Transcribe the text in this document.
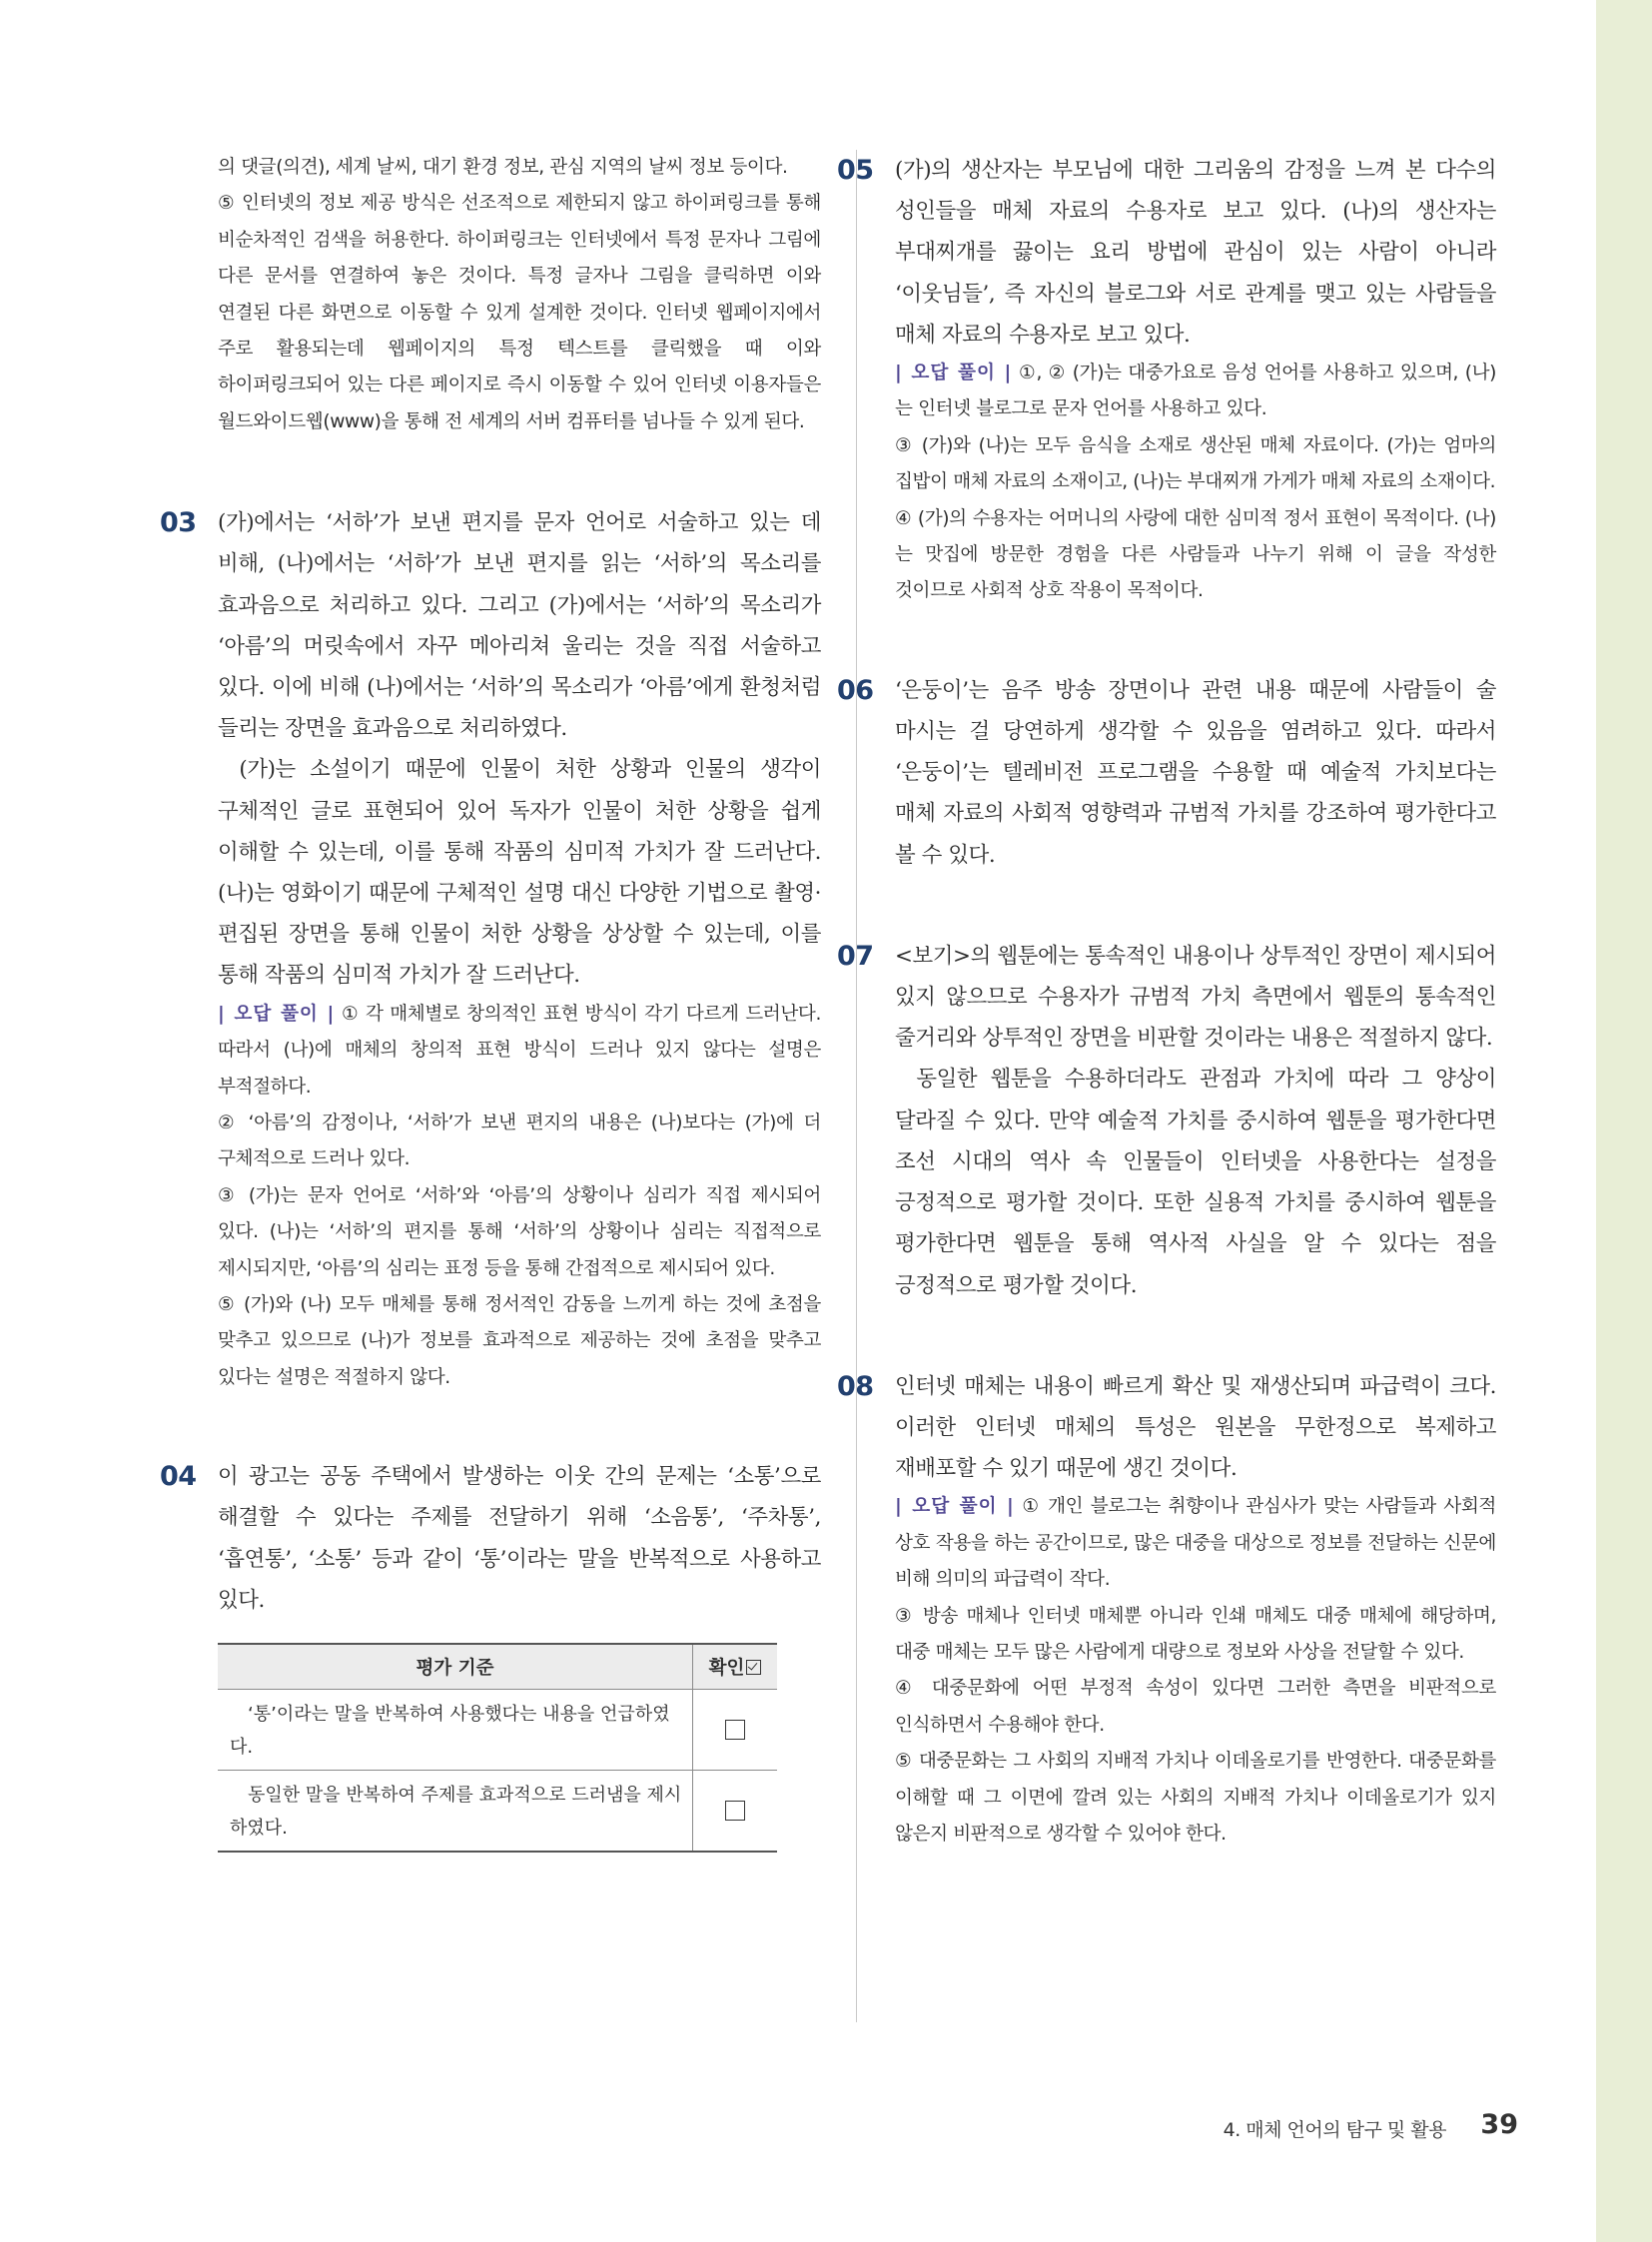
의 댓글(의견), 세계 날씨, 대기 환경 정보, 관심 지역의 날씨 정보 등이다.

⑤ 인터넷의 정보 제공 방식은 선조적으로 제한되지 않고 하이퍼링크를 통해 비순차적인 검색을 허용한다. 하이퍼링크는 인터넷에서 특정 문자나 그림에 다른 문서를 연결하여 놓은 것이다. 특정 글자나 그림을 클릭하면 이와 연결된 다른 화면으로 이동할 수 있게 설계한 것이다. 인터넷 웹페이지에서 주로 활용되는데 웹페이지의 특정 텍스트를 클릭했을 때 이와 하이퍼링크되어 있는 다른 페이지로 즉시 이동할 수 있어 인터넷 이용자들은 월드와이드웹(www)을 통해 전 세계의 서버 컴퓨터를 넘나들 수 있게 된다.

03 (가)에서는 ‘서하’가 보낸 편지를 문자 언어로 서술하고 있는 데 비해, (나)에서는 ‘서하’가 보낸 편지를 읽는 ‘서하’의 목소리를 효과음으로 처리하고 있다. 그리고 (가)에서는 ‘서하’의 목소리가 ‘아름’의 머릿속에서 자꾸 메아리쳐 울리는 것을 직접 서술하고 있다. 이에 비해 (나)에서는 ‘서하’의 목소리가 ‘아름’에게 환청처럼 들리는 장면을 효과음으로 처리하였다.

(가)는 소설이기 때문에 인물이 처한 상황과 인물의 생각이 구체적인 글로 표현되어 있어 독자가 인물이 처한 상황을 쉽게 이해할 수 있는데, 이를 통해 작품의 심미적 가치가 잘 드러난다. (나)는 영화이기 때문에 구체적인 설명 대신 다양한 기법으로 촬영·편집된 장면을 통해 인물이 처한 상황을 상상할 수 있는데, 이를 통해 작품의 심미적 가치가 잘 드러난다.

| 오답 풀이 | ① 각 매체별로 창의적인 표현 방식이 각기 다르게 드러난다. 따라서 (나)에 매체의 창의적 표현 방식이 드러나 있지 않다는 설명은 부적절하다.

② ‘아름’의 감정이나, ‘서하’가 보낸 편지의 내용은 (나)보다는 (가)에 더 구체적으로 드러나 있다.

③ (가)는 문자 언어로 ‘서하’와 ‘아름’의 상황이나 심리가 직접 제시되어 있다. (나)는 ‘서하’의 편지를 통해 ‘서하’의 상황이나 심리는 직접적으로 제시되지만, ‘아름’의 심리는 표정 등을 통해 간접적으로 제시되어 있다.

⑤ (가)와 (나) 모두 매체를 통해 정서적인 감동을 느끼게 하는 것에 초점을 맞추고 있으므로 (나)가 정보를 효과적으로 제공하는 것에 초점을 맞추고 있다는 설명은 적절하지 않다.

04 이 광고는 공동 주택에서 발생하는 이웃 간의 문제는 ‘소통’으로 해결할 수 있다는 주제를 전달하기 위해 ‘소음통’, ‘주차통’, ‘흡연통’, ‘소통’ 등과 같이 ‘통’이라는 말을 반복적으로 사용하고 있다.

평가 기준	확인
‘통’이라는 말을 반복하여 사용했다는 내용을 언급하였다.	
동일한 말을 반복하여 주제를 효과적으로 드러냄을 제시하였다.	
05 (가)의 생산자는 부모님에 대한 그리움의 감정을 느껴 본 다수의 성인들을 매체 자료의 수용자로 보고 있다. (나)의 생산자는 부대찌개를 끓이는 요리 방법에 관심이 있는 사람이 아니라 ‘이웃님들’, 즉 자신의 블로그와 서로 관계를 맺고 있는 사람들을 매체 자료의 수용자로 보고 있다.

| 오답 풀이 | ①, ② (가)는 대중가요로 음성 언어를 사용하고 있으며, (나)는 인터넷 블로그로 문자 언어를 사용하고 있다.

③ (가)와 (나)는 모두 음식을 소재로 생산된 매체 자료이다. (가)는 엄마의 집밥이 매체 자료의 소재이고, (나)는 부대찌개 가게가 매체 자료의 소재이다.

④ (가)의 수용자는 어머니의 사랑에 대한 심미적 정서 표현이 목적이다. (나)는 맛집에 방문한 경험을 다른 사람들과 나누기 위해 이 글을 작성한 것이므로 사회적 상호 작용이 목적이다.

06 ‘은둥이’는 음주 방송 장면이나 관련 내용 때문에 사람들이 술 마시는 걸 당연하게 생각할 수 있음을 염려하고 있다. 따라서 ‘은둥이’는 텔레비전 프로그램을 수용할 때 예술적 가치보다는 매체 자료의 사회적 영향력과 규범적 가치를 강조하여 평가한다고 볼 수 있다.

07 <보기>의 웹툰에는 통속적인 내용이나 상투적인 장면이 제시되어 있지 않으므로 수용자가 규범적 가치 측면에서 웹툰의 통속적인 줄거리와 상투적인 장면을 비판할 것이라는 내용은 적절하지 않다.

동일한 웹툰을 수용하더라도 관점과 가치에 따라 그 양상이 달라질 수 있다. 만약 예술적 가치를 중시하여 웹툰을 평가한다면 조선 시대의 역사 속 인물들이 인터넷을 사용한다는 설정을 긍정적으로 평가할 것이다. 또한 실용적 가치를 중시하여 웹툰을 평가한다면 웹툰을 통해 역사적 사실을 알 수 있다는 점을 긍정적으로 평가할 것이다.

08 인터넷 매체는 내용이 빠르게 확산 및 재생산되며 파급력이 크다. 이러한 인터넷 매체의 특성은 원본을 무한정으로 복제하고 재배포할 수 있기 때문에 생긴 것이다.

| 오답 풀이 | ① 개인 블로그는 취향이나 관심사가 맞는 사람들과 사회적 상호 작용을 하는 공간이므로, 많은 대중을 대상으로 정보를 전달하는 신문에 비해 의미의 파급력이 작다.

③ 방송 매체나 인터넷 매체뿐 아니라 인쇄 매체도 대중 매체에 해당하며, 대중 매체는 모두 많은 사람에게 대량으로 정보와 사상을 전달할 수 있다.

④ 대중문화에 어떤 부정적 속성이 있다면 그러한 측면을 비판적으로 인식하면서 수용해야 한다.

⑤ 대중문화는 그 사회의 지배적 가치나 이데올로기를 반영한다. 대중문화를 이해할 때 그 이면에 깔려 있는 사회의 지배적 가치나 이데올로기가 있지 않은지 비판적으로 생각할 수 있어야 한다.

4. 매체 언어의 탐구 및 활용 39
